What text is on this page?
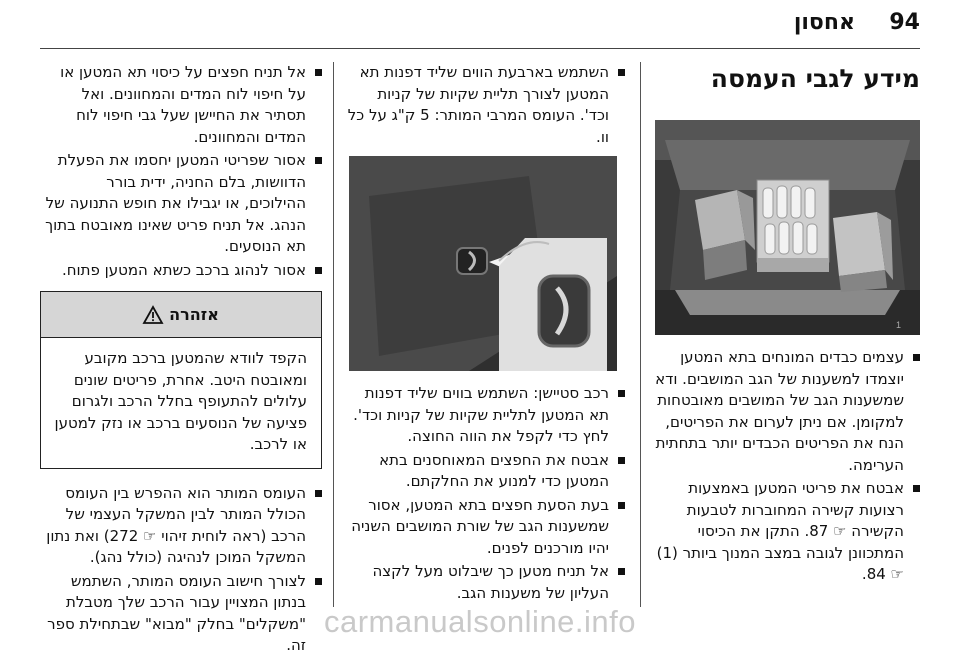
94
אחסון
מידע לגבי העמסה
1
עצמים כבדים המונחים בתא המטען יוצמדו למשענות של הגב המושבים. ודא שמשענות הגב של המושבים מאובטחות למקומן. אם ניתן לערום את הפריטים, הנח את הפריטים הכבדים יותר בתחתית הערימה.
אבטח את פריטי המטען באמצעות רצועות קשירה המחוברות לטבעות הקשירה ☞ 87. התקן את הכיסוי המתכוונן לגובה במצב המנוך ביותר (1) ☞ 84.
השתמש בארבעת הווים שליד דפנות תא המטען לצורך תליית שקיות של קניות וכד'. העומס המרבי המותר: 5 ק"ג על כל וו.
רכב סטיישן: השתמש בווים שליד דפנות תא המטען לתליית שקיות של קניות וכד'. לחץ כדי לקפל את הווה החוצה.
אבטח את החפצים המאוחסנים בתא המטען כדי למנוע את החלקתם.
בעת הסעת חפצים בתא המטען, אסור שמשענות הגב של שורת המושבים השניה יהיו מורכנים לפנים.
אל תניח מטען כך שיבלוט מעל לקצה העליון של משענות הגב.
אל תניח חפצים על כיסוי תא המטען או על חיפוי לוח המדים והמחוונים. ואל תסתיר את החיישן שעל גבי חיפוי לוח המדים והמחוונים.
אסור שפריטי המטען יחסמו את הפעלת הדוושות, בלם החניה, ידית בורר ההילוכים, או יגבילו את חופש התנועה של הנהג. אל תניח פריט שאינו מאובטח בתוך תא הנוסעים.
אסור לנהוג ברכב כשתא המטען פתוח.
אזהרה
הקפד לוודא שהמטען ברכב מקובע ומאובטח היטב. אחרת, פריטים שונים עלולים להתעופף בחלל הרכב ולגרום פציעה של הנוסעים ברכב או נזק למטען או לרכב.
העומס המותר הוא ההפרש בין העומס הכולל המותר לבין המשקל העצמי של הרכב (ראה לוחית זיהוי ☞ 272) ואת נתון המשקל המוכן לנהיגה (כולל נהג).
לצורך חישוב העומס המותר, השתמש בנתון המצויין עבור הרכב שלך מטבלת "משקלים" בחלק "מבוא" שבתחילת ספר זה.
carmanualsonline.info
